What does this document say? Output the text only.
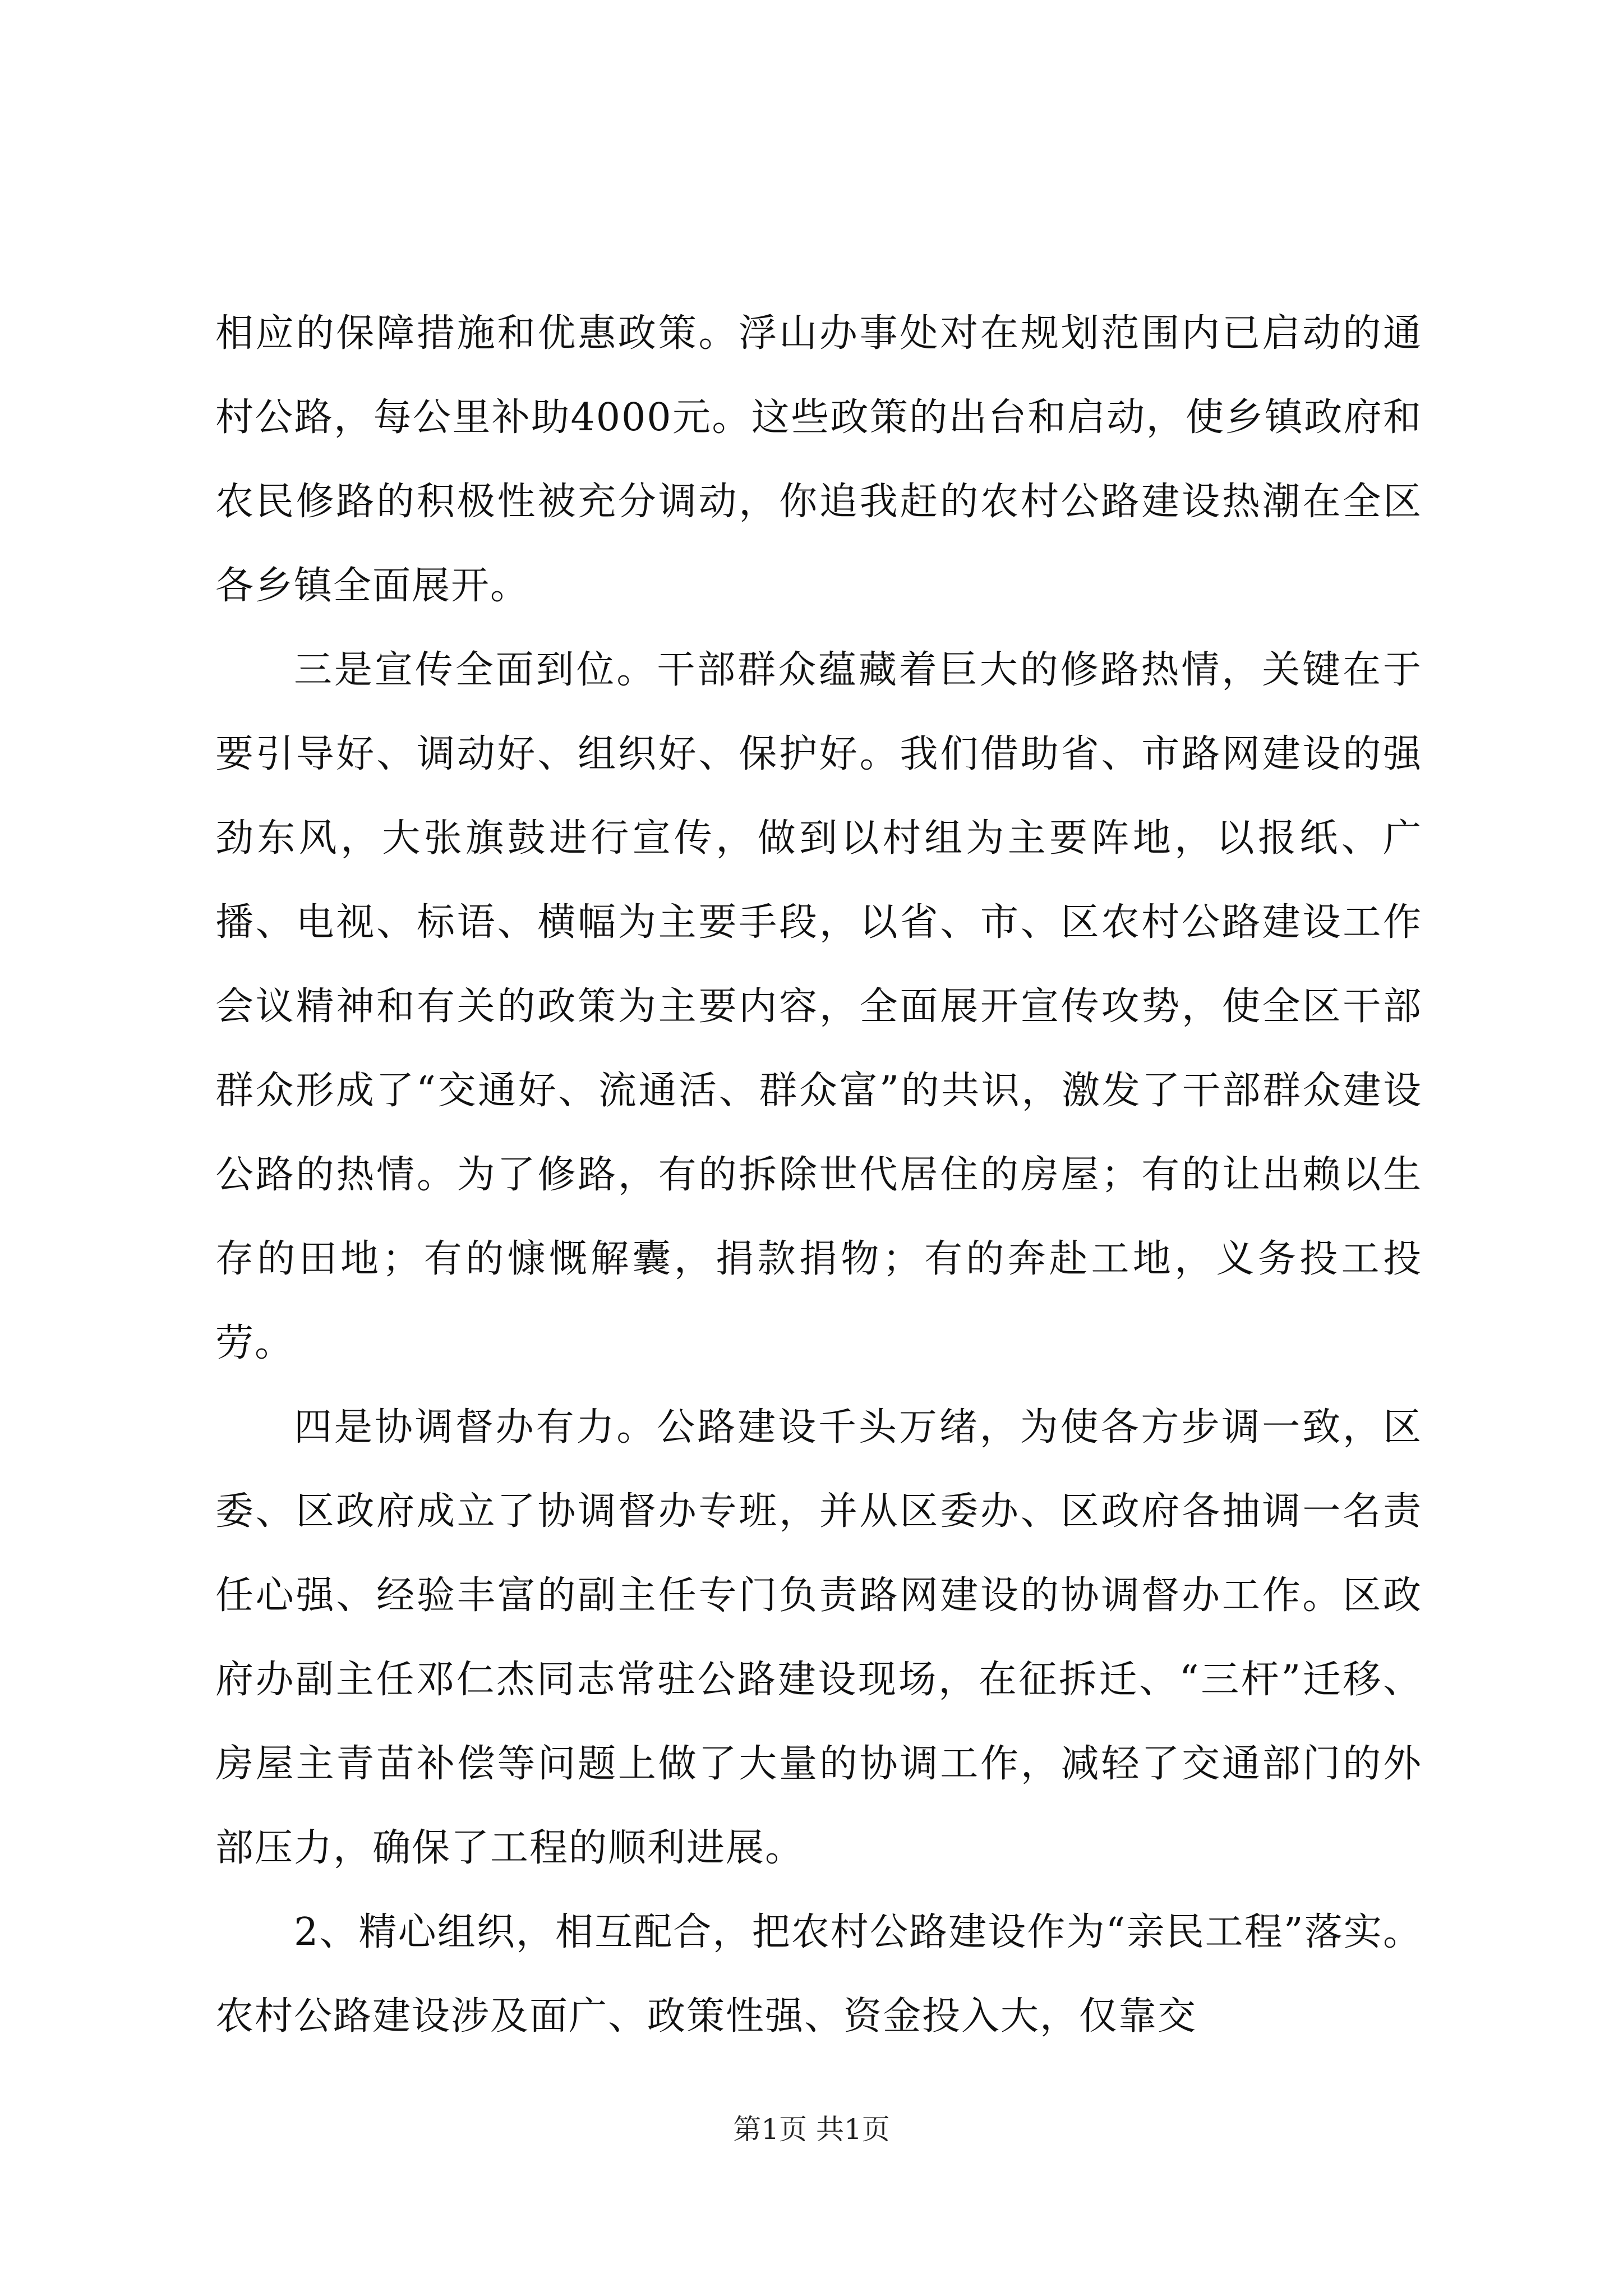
相应的保障措施和优惠政策。浮山办事处对在规划范围内已启动的通村公路，每公里补助4000元。这些政策的出台和启动，使乡镇政府和农民修路的积极性被充分调动，你追我赶的农村公路建设热潮在全区各乡镇全面展开。

三是宣传全面到位。干部群众蕴藏着巨大的修路热情，关键在于要引导好、调动好、组织好、保护好。我们借助省、市路网建设的强劲东风，大张旗鼓进行宣传，做到以村组为主要阵地，以报纸、广播、电视、标语、横幅为主要手段，以省、市、区农村公路建设工作会议精神和有关的政策为主要内容，全面展开宣传攻势，使全区干部群众形成了“交通好、流通活、群众富”的共识，激发了干部群众建设公路的热情。为了修路，有的拆除世代居住的房屋；有的让出赖以生存的田地；有的慷慨解囊，捐款捐物；有的奔赴工地，义务投工投劳。

四是协调督办有力。公路建设千头万绪，为使各方步调一致，区委、区政府成立了协调督办专班，并从区委办、区政府各抽调一名责任心强、经验丰富的副主任专门负责路网建设的协调督办工作。区政府办副主任邓仁杰同志常驻公路建设现场，在征拆迁、“三杆”迁移、房屋主青苗补偿等问题上做了大量的协调工作，减轻了交通部门的外部压力，确保了工程的顺利进展。

2、精心组织，相互配合，把农村公路建设作为“亲民工程”落实。农村公路建设涉及面广、政策性强、资金投入大，仅靠交

第1页 共1页
